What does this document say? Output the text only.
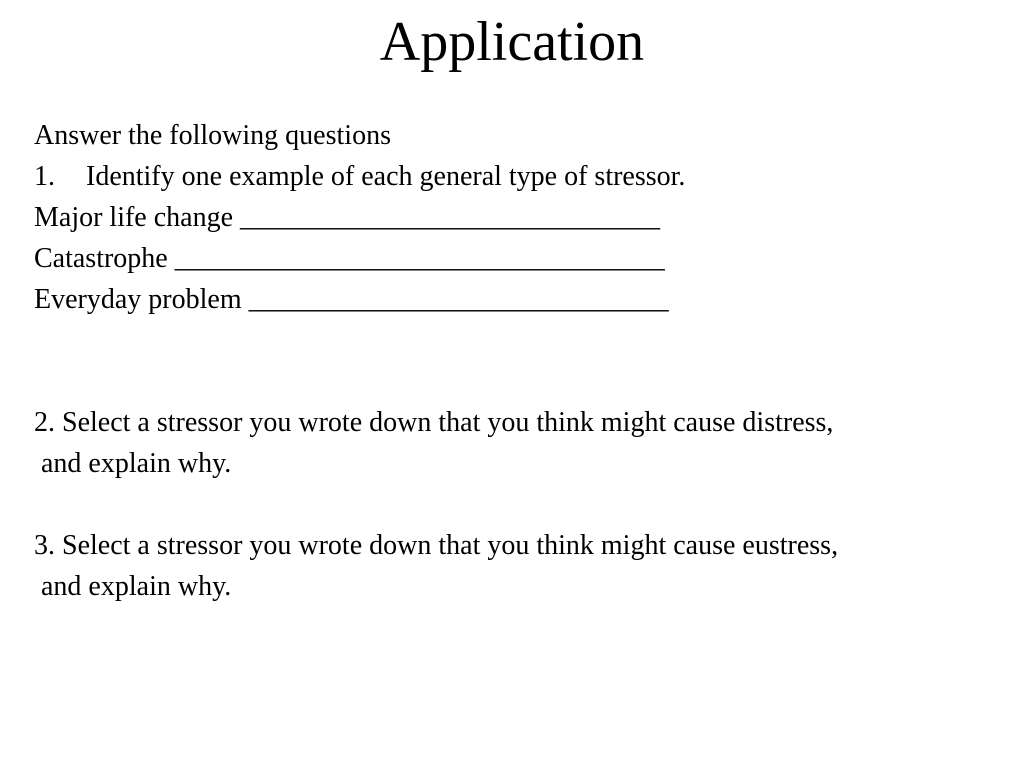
Application

Answer the following questions

1.	Identify one example of each general type of stressor.

Major life change ______________________________

Catastrophe ___________________________________

Everyday problem ______________________________

2. Select a stressor you wrote down that you think might cause distress,

and explain why.

3. Select a stressor you wrote down that you think might cause eustress,

and explain why.
